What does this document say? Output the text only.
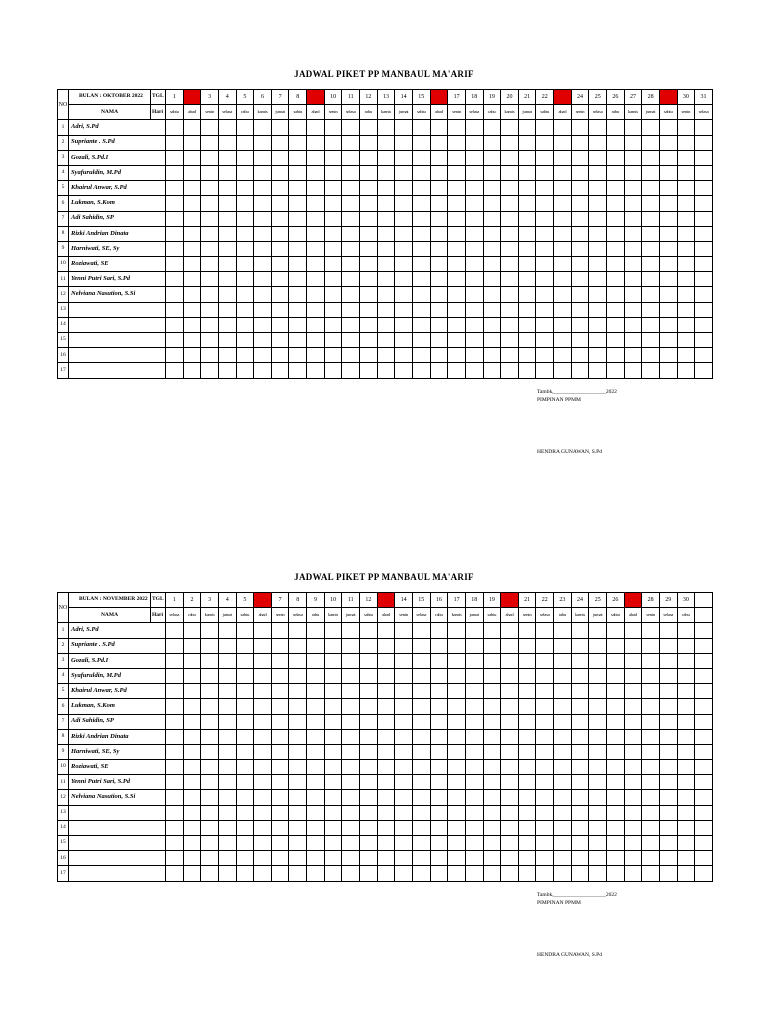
JADWAL PIKET PP MANBAUL MA'ARIF
NO	BULAN : OKTOBER 2022	TGL	1	2	3	4	5	6	7	8	9	10	11	12	13	14	15	16	17	18	19	20	21	22	23	24	25	26	27	28	29	30	31
	NAMA	Hari	sabtu	ahad	senin	selasa	rabu	kamis	jumat	sabtu	ahad	senin	selasa	rabu	kamis	jumat	sabtu	ahad	senin	selasa	rabu	kamis	jumat	sabtu	ahad	senin	selasa	rabu	kamis	jumat	sabtu	senin	selasa
1	Adri, S.Pd																																
2	Supriante . S.Pd																																
3	Gozali, S.Pd.I																																
4	Syafuruldin, M.Pd																																
5	Khairul Anwar, S.Pd																																
6	Lukman, S.Kom																																
7	Adi Sahidin, SP																																
8	Rizki Andrian Dinata																																
9	Harniwati, SE, Sy																																
10	Roziawati, SE																																
11	Yenni Putri Sari, S.Pd																																
12	Nelviana Nasution, S.Si																																
13																																	
14																																	
15																																	
16																																	
17																																	
Tambk,___________________2022
PIMPINAN PPMM
HENDRA GUNAWAN, S.Pd
JADWAL PIKET PP MANBAUL MA'ARIF
NO	BULAN : NOVEMBER 2022	TGL	1	2	3	4	5	6	7	8	9	10	11	12	13	14	15	16	17	18	19	20	21	22	23	24	25	26	27	28	29	30	
	NAMA	Hari	selasa	rabu	kamis	jumat	sabtu	ahad	senin	selasa	rabu	kamis	jumat	sabtu	ahad	senin	selasa	rabu	kamis	jumat	sabtu	ahad	senin	selasa	rabu	kamis	jumat	sabtu	ahad	senin	selasa	rabu	
1	Adri, S.Pd																																
2	Supriante . S.Pd																																
3	Gozali, S.Pd.I																																
4	Syafuruldin, M.Pd																																
5	Khairul Anwar, S.Pd																																
6	Lukman, S.Kom																																
7	Adi Sahidin, SP																																
8	Rizki Andrian Dinata																																
9	Harniwati, SE, Sy																																
10	Roziawati, SE																																
11	Yenni Putri Sari, S.Pd																																
12	Nelviana Nasution, S.Si																																
13																																	
14																																	
15																																	
16																																	
17																																	
Tambk,___________________2022
PIMPINAN PPMM
HENDRA GUNAWAN, S.Pd
